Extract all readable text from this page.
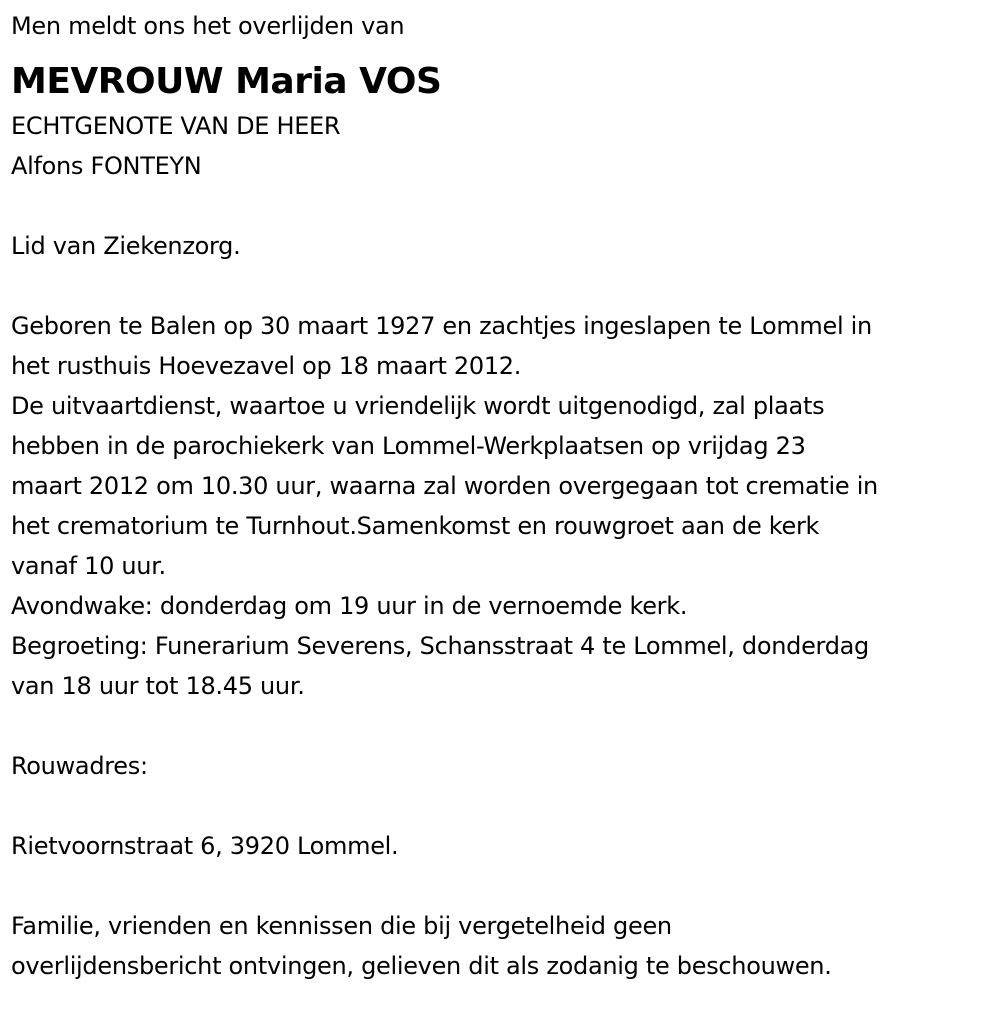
Men meldt ons het overlijden van
MEVROUW Maria VOS
ECHTGENOTE VAN DE HEER
Alfons FONTEYN
Lid van Ziekenzorg.
Geboren te Balen op 30 maart 1927 en zachtjes ingeslapen te Lommel in
het rusthuis Hoevezavel op 18 maart 2012.
De uitvaartdienst, waartoe u vriendelijk wordt uitgenodigd, zal plaats
hebben in de parochiekerk van Lommel-Werkplaatsen op vrijdag 23
maart 2012 om 10.30 uur, waarna zal worden overgegaan tot crematie in
het crematorium te Turnhout.Samenkomst en rouwgroet aan de kerk
vanaf 10 uur.
Avondwake: donderdag om 19 uur in de vernoemde kerk.
Begroeting: Funerarium Severens, Schansstraat 4 te Lommel, donderdag
van 18 uur tot 18.45 uur.
Rouwadres:
Rietvoornstraat 6, 3920 Lommel.
Familie, vrienden en kennissen die bij vergetelheid geen
overlijdensbericht ontvingen, gelieven dit als zodanig te beschouwen.
